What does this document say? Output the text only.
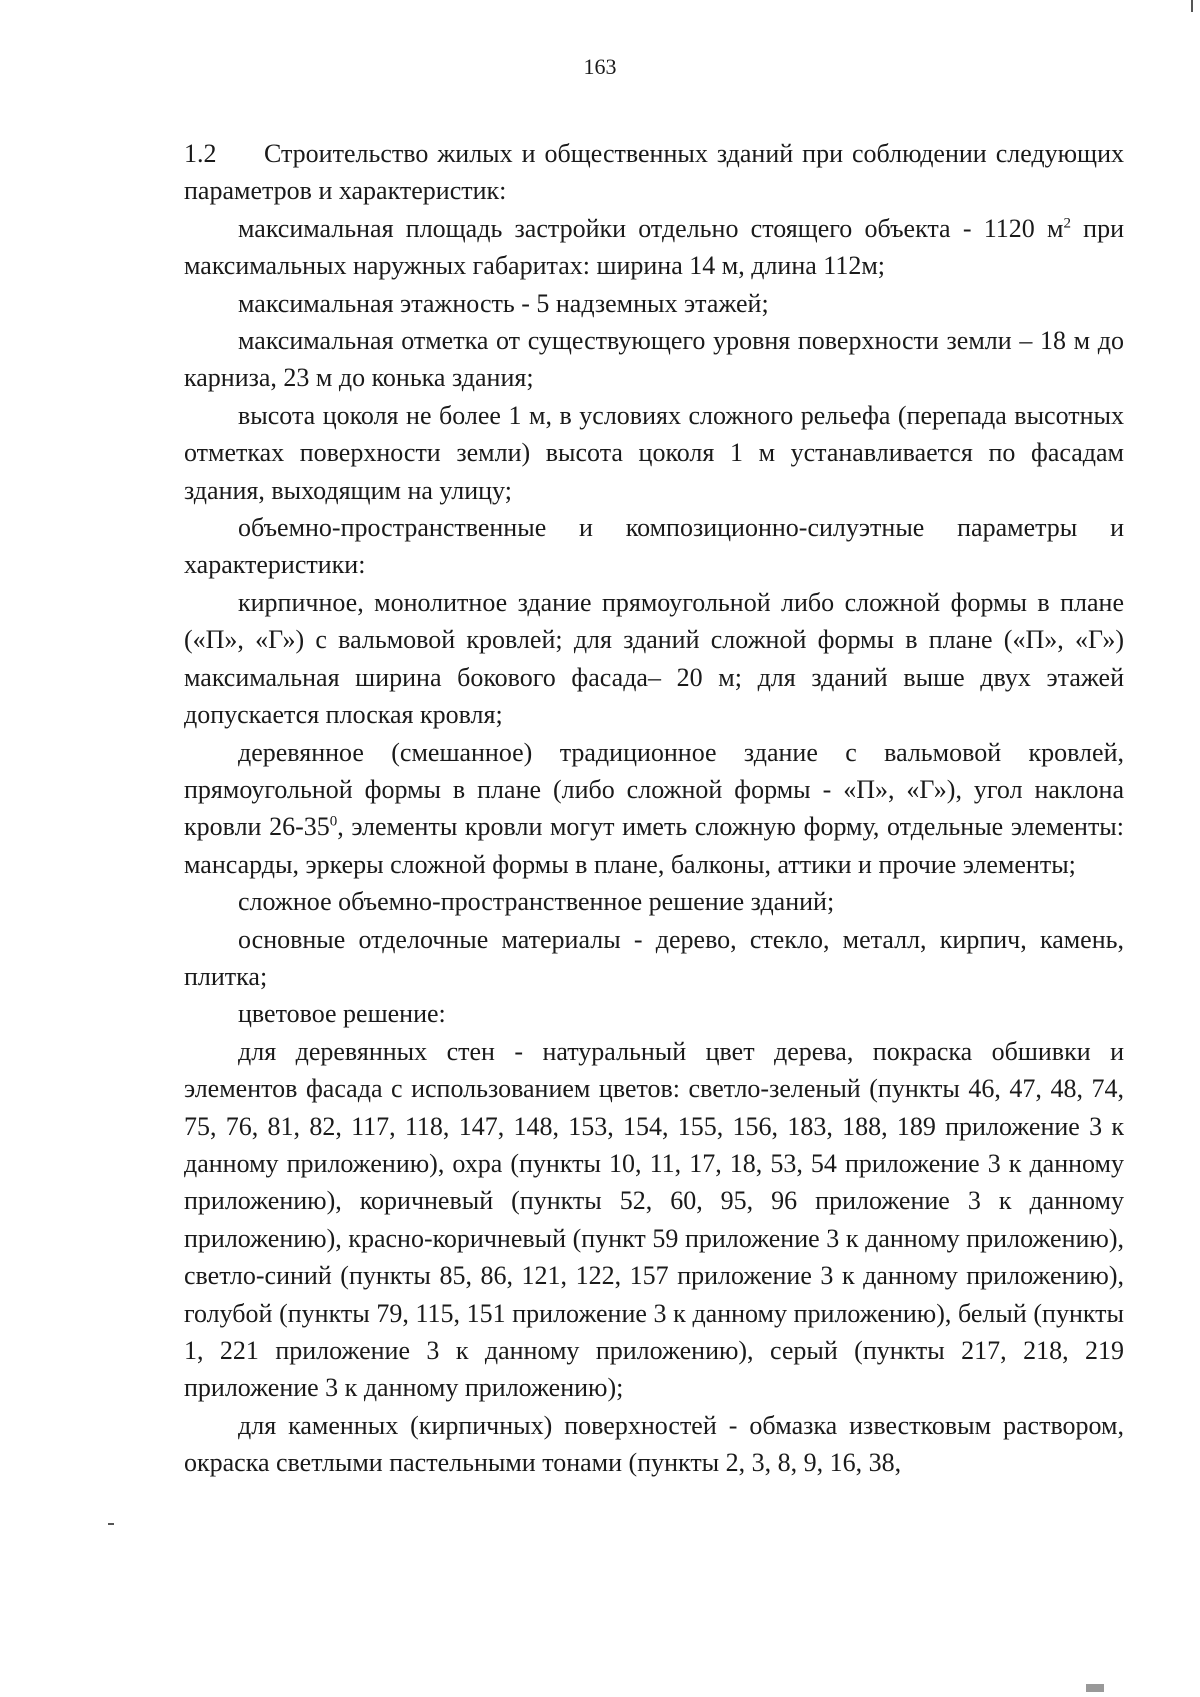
163

1.2 Строительство жилых и общественных зданий при соблюдении следующих параметров и характеристик:

максимальная площадь застройки отдельно стоящего объекта - 1120 $м^2$ при максимальных наружных габаритах: ширина 14 м, длина 112м;

максимальная этажность - 5 надземных этажей;

максимальная отметка от существующего уровня поверхности земли – 18 м до карниза, 23 м до конька здания;

высота цоколя не более 1 м, в условиях сложного рельефа (перепада высотных отметках поверхности земли) высота цоколя 1 м устанавливается по фасадам здания, выходящим на улицу;

объемно-пространственные и композиционно-силуэтные параметры и характеристики:

кирпичное, монолитное здание прямоугольной либо сложной формы в плане («П», «Г») с вальмовой кровлей; для зданий сложной формы в плане («П», «Г») максимальная ширина бокового фасада– 20 м; для зданий выше двух этажей допускается плоская кровля;

деревянное (смешанное) традиционное здание с вальмовой кровлей, прямоугольной формы в плане (либо сложной формы - «П», «Г»), угол наклона кровли $26-35^0$, элементы кровли могут иметь сложную форму, отдельные элементы: мансарды, эркеры сложной формы в плане, балконы, аттики и прочие элементы;

сложное объемно-пространственное решение зданий;

основные отделочные материалы - дерево, стекло, металл, кирпич, камень, плитка;

цветовое решение:

для деревянных стен - натуральный цвет дерева, покраска обшивки и элементов фасада с использованием цветов: светло-зеленый (пункты 46, 47, 48, 74, 75, 76, 81, 82, 117, 118, 147, 148, 153, 154, 155, 156, 183, 188, 189 приложение 3 к данному приложению), охра (пункты 10, 11, 17, 18, 53, 54 приложение 3 к данному приложению), коричневый (пункты 52, 60, 95, 96 приложение 3 к данному приложению), красно-коричневый (пункт 59 приложение 3 к данному приложению), светло-синий (пункты 85, 86, 121, 122, 157 приложение 3 к данному приложению), голубой (пункты 79, 115, 151 приложение 3 к данному приложению), белый (пункты 1, 221 приложение 3 к данному приложению), серый (пункты 217, 218, 219 приложение 3 к данному приложению);

для каменных (кирпичных) поверхностей - обмазка известковым раствором, окраска светлыми пастельными тонами (пункты 2, 3, 8, 9, 16, 38,
